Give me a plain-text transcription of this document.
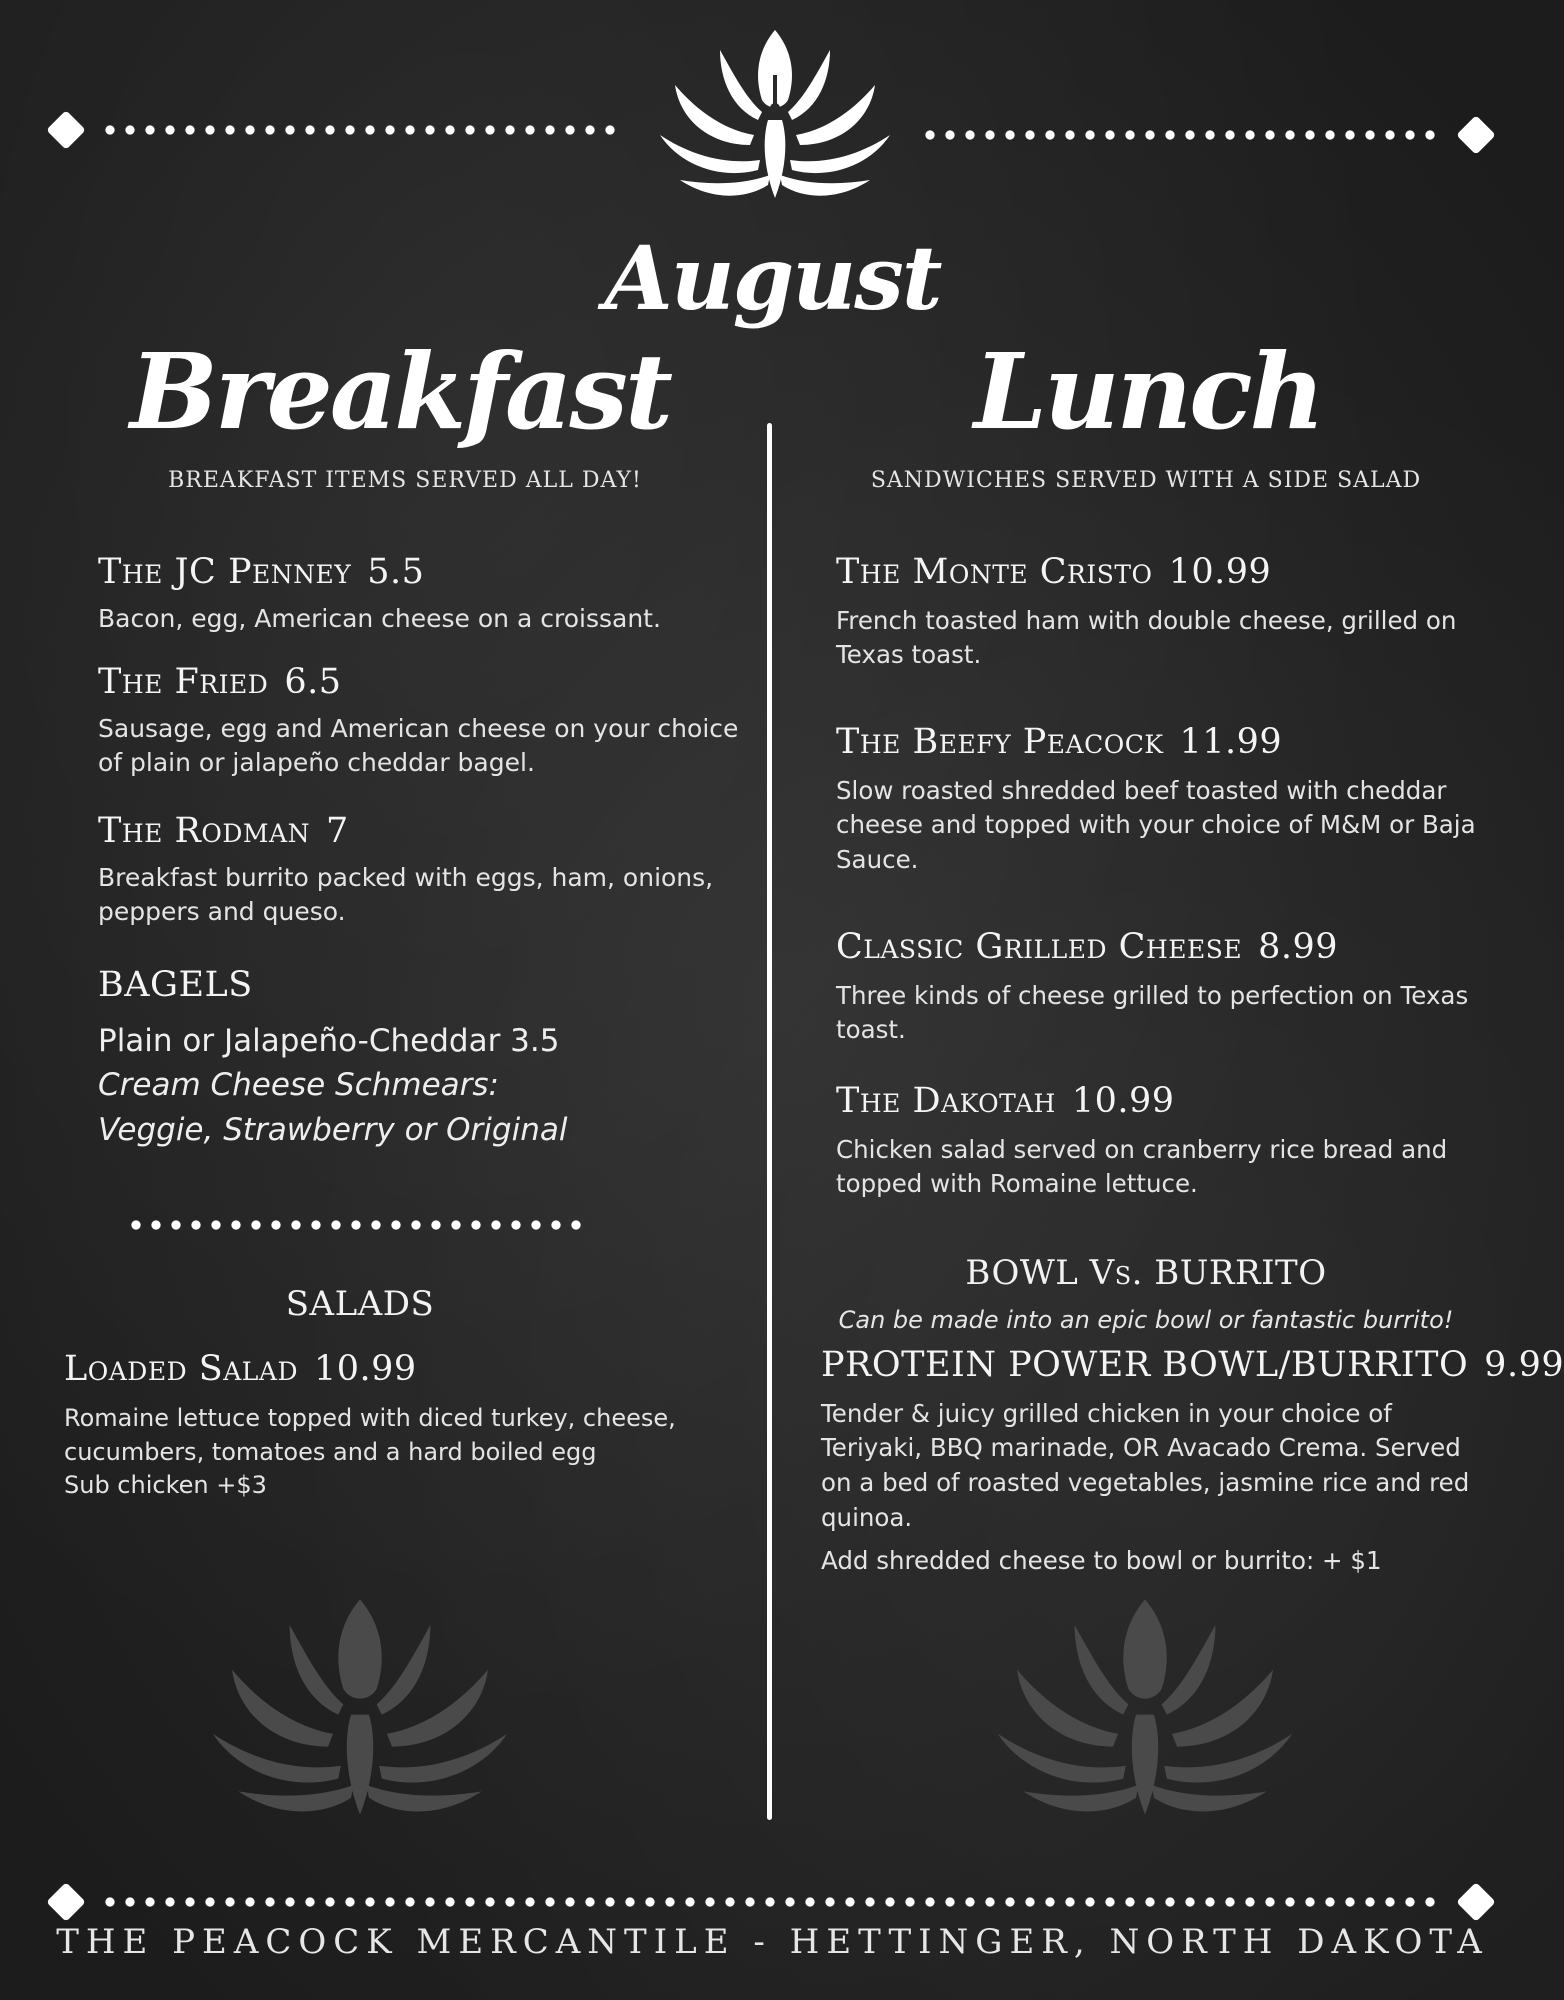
August
Breakfast	Lunch
BREAKFAST ITEMS SERVED ALL DAY!	SANDWICHES SERVED WITH A SIDE SALAD
The JC Penney 5.5
Bacon, egg, American cheese on a croissant.
The Fried 6.5
Sausage, egg and American cheese on your choice of plain or jalapeño cheddar bagel.
The Rodman 7
Breakfast burrito packed with eggs, ham, onions, peppers and queso.
BAGELS
Plain or Jalapeño-Cheddar 3.5
Cream Cheese Schmears:
Veggie, Strawberry or Original
SALADS
Loaded Salad 10.99
Romaine lettuce topped with diced turkey, cheese, cucumbers, tomatoes and a hard boiled egg
Sub chicken +$3
The Monte Cristo 10.99
French toasted ham with double cheese, grilled on Texas toast.
The Beefy Peacock 11.99
Slow roasted shredded beef toasted with cheddar cheese and topped with your choice of M&M or Baja Sauce.
Classic Grilled Cheese 8.99
Three kinds of cheese grilled to perfection on Texas toast.
The Dakotah 10.99
Chicken salad served on cranberry rice bread and topped with Romaine lettuce.
BOWL Vs. BURRITO
Can be made into an epic bowl or fantastic burrito!
PROTEIN POWER BOWL/BURRITO 9.99
Tender & juicy grilled chicken in your choice of Teriyaki, BBQ marinade, OR Avacado Crema. Served on a bed of roasted vegetables, jasmine rice and red quinoa.
Add shredded cheese to bowl or burrito: + $1
THE PEACOCK MERCANTILE - HETTINGER, NORTH DAKOTA
